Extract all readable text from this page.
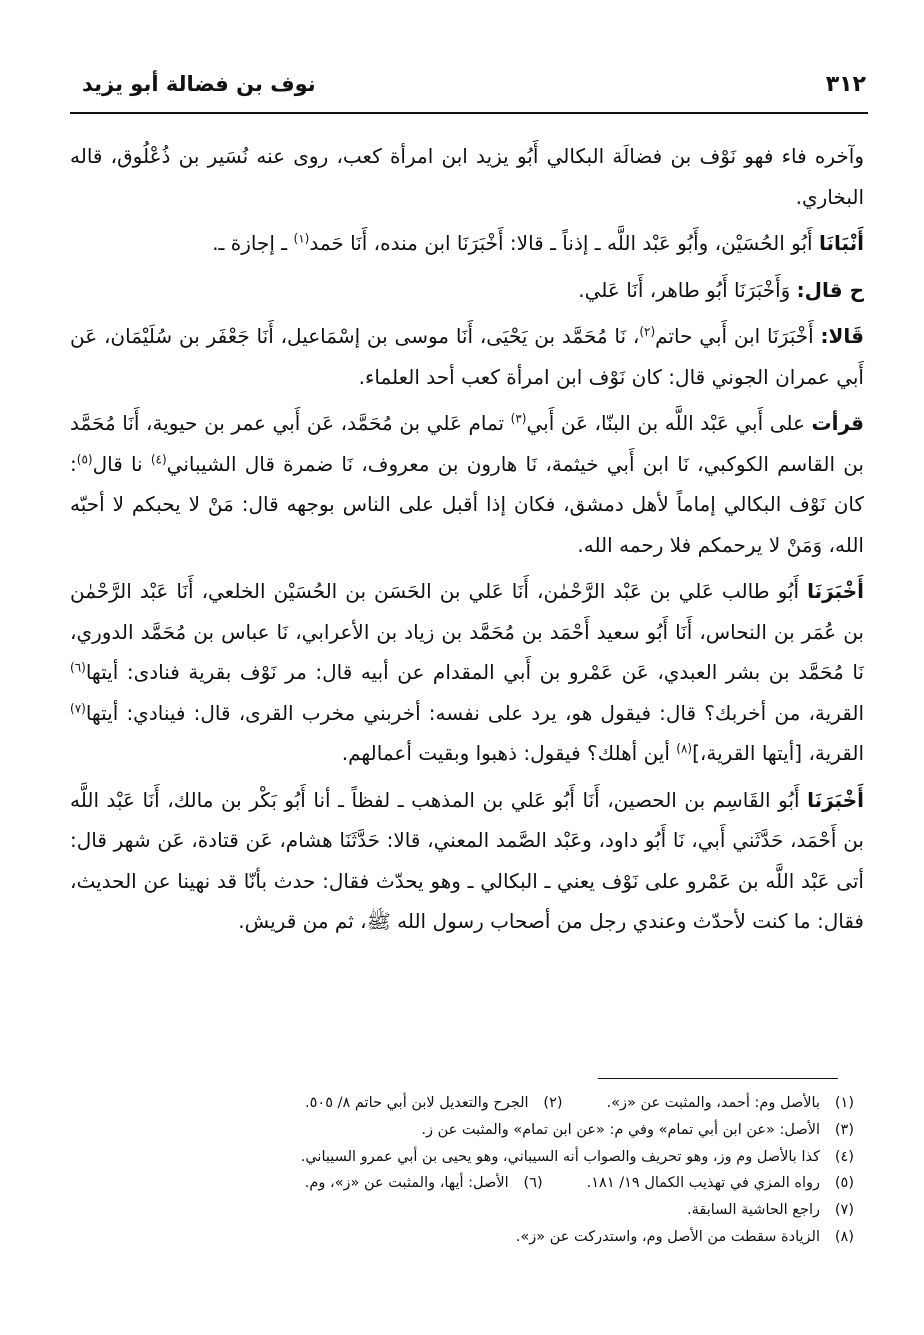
٣١٢
نوف بن فضالة أبو يزيد

وآخره فاء فهو نَوْف بن فضالَة البكالي أَبُو يزيد ابن امرأة كعب، روى عنه نُسَير بن ذُعْلُوق، قاله البخاري.

أَنْبَانَا أَبُو الحُسَيْن، وأَبُو عَبْد اللَّه ـ إذناً ـ قالا: أَخْبَرَنَا ابن منده، أَنَا حَمد$^{(١)}$ ـ إجازة ـ.

ح قال: وَأَخْبَرَنَا أَبُو طاهر، أَنَا عَلي.

قَالا: أَخْبَرَنَا ابن أَبي حاتم$^{(٢)}$، نَا مُحَمَّد بن يَحْيَى، أَنَا موسى بن إسْمَاعيل، أَنَا جَعْفَر بن سُلَيْمَان، عَن أَبي عمران الجوني قال: كان نَوْف ابن امرأة كعب أحد العلماء.

قرأت على أَبي عَبْد اللَّه بن البنّا، عَن أَبي$^{(٣)}$ تمام عَلي بن مُحَمَّد، عَن أَبي عمر بن حيوية، أَنَا مُحَمَّد بن القاسم الكوكبي، نَا ابن أَبي خيثمة، نَا هارون بن معروف، نَا ضمرة قال الشيباني$^{(٤)}$ نا قال$^{(٥)}$: كان نَوْف البكالي إماماً لأهل دمشق، فكان إذا أقبل على الناس بوجهه قال: مَنْ لا يحبكم لا أحبّه الله، وَمَنْ لا يرحمكم فلا رحمه الله.

أَخْبَرَنَا أَبُو طالب عَلي بن عَبْد الرَّحْمٰن، أَنَا عَلي بن الحَسَن بن الحُسَيْن الخلعي، أَنَا عَبْد الرَّحْمٰن بن عُمَر بن النحاس، أَنَا أَبُو سعيد أَحْمَد بن مُحَمَّد بن زياد بن الأعرابي، نَا عباس بن مُحَمَّد الدوري، نَا مُحَمَّد بن بشر العبدي، عَن عَمْرو بن أَبي المقدام عن أبيه قال: مر نَوْف بقرية فنادى: أيتها$^{(٦)}$ القرية، من أخربك؟ قال: فيقول هو، يرد على نفسه: أخربني مخرب القرى، قال: فينادي: أيتها$^{(٧)}$ القرية، [أيتها القرية،]$^{(٨)}$ أين أهلك؟ فيقول: ذهبوا وبقيت أعمالهم.

أَخْبَرَنَا أَبُو القَاسِم بن الحصين، أَنَا أَبُو عَلي بن المذهب ـ لفظاً ـ أنا أَبُو بَكْر بن مالك، أَنَا عَبْد اللَّه بن أَحْمَد، حَدَّثَني أَبي، نَا أَبُو داود، وعَبْد الصَّمد المعني، قالا: حَدَّثَنَا هشام، عَن قتادة، عَن شهر قال: أتى عَبْد اللَّه بن عَمْرو على نَوْف يعني ـ البكالي ـ وهو يحدّث فقال: حدث بأنّا قد نهينا عن الحديث، فقال: ما كنت لأحدّث وعندي رجل من أصحاب رسول الله ﷺ، ثم من قريش.

(١)بالأصل وم: أحمد، والمثبت عن «ز».(٢)الجرح والتعديل لابن أبي حاتم ٨/ ٥٠٥.
(٣)الأصل: «عن ابن أبي تمام» وفي م: «عن ابن تمام» والمثبت عن ز.
(٤)كذا بالأصل وم وز، وهو تحريف والصواب أنه السيباني، وهو يحيى بن أبي عمرو السيباني.
(٥)رواه المزي في تهذيب الكمال ١٩/ ١٨١.(٦)الأصل: أيها، والمثبت عن «ز»، وم.
(٧)راجع الحاشية السابقة.
(٨)الزيادة سقطت من الأصل وم، واستدركت عن «ز».
